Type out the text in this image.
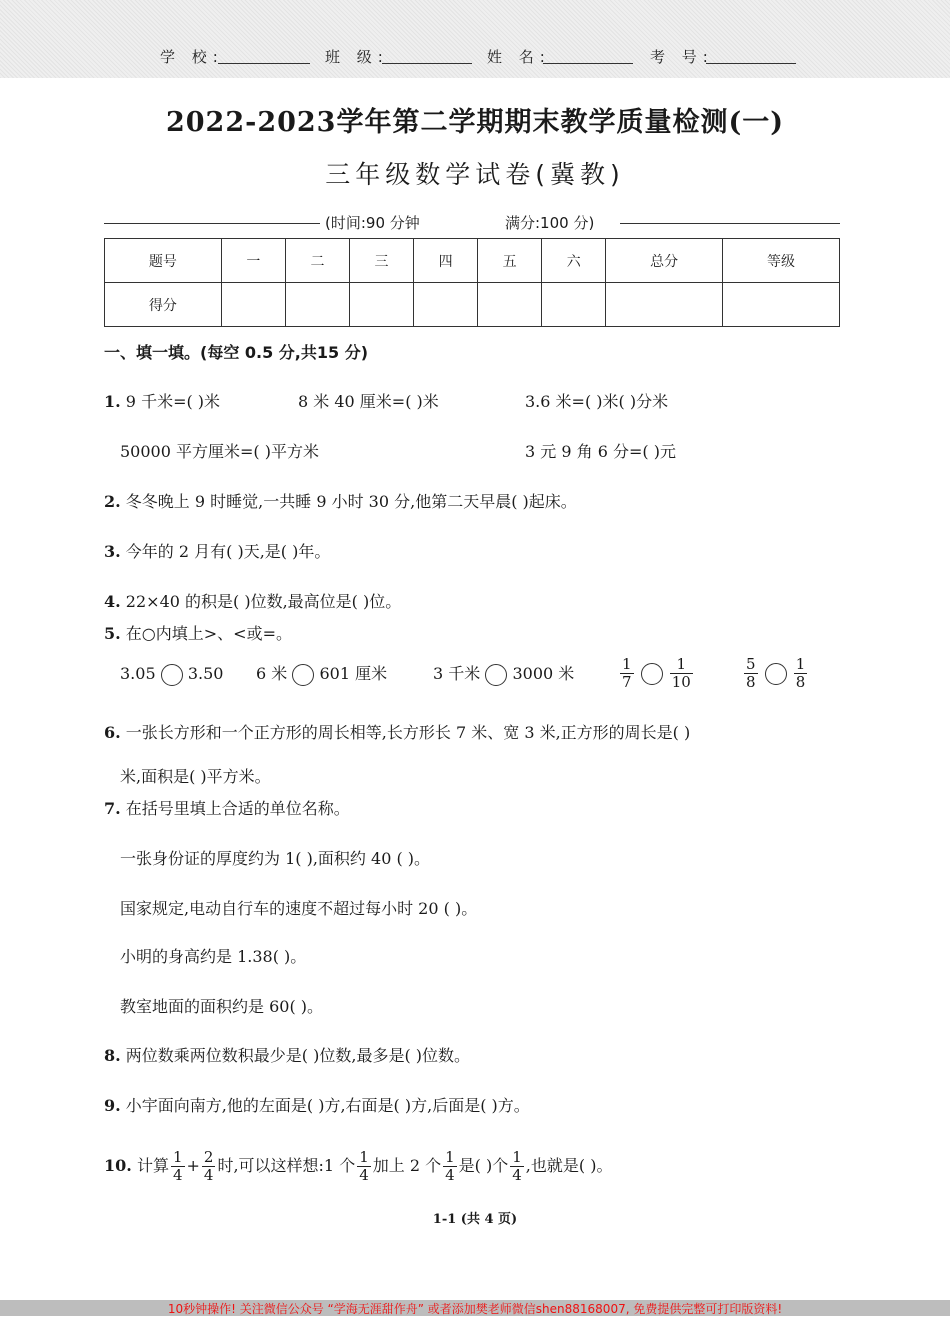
学 校:	班 级:	姓 名:	考 号:
2022-2023学年第二学期期末教学质量检测(一)
三年级数学试卷(冀教)
(时间:90 分钟	满分:100 分)
题号	一	二	三	四	五	六	总分	等级
得分								
一、填一填。(每空 0.5 分,共15 分)
1. 9 千米=( )米	8 米 40 厘米=( )米	3.6 米=( )米( )分米
50000 平方厘米=( )平方米	3 元 9 角 6 分=( )元
2. 冬冬晚上 9 时睡觉,一共睡 9 小时 30 分,他第二天早晨( )起床。
3. 今年的 2 月有( )天,是( )年。
4. 22×40 的积是( )位数,最高位是( )位。
5. 在○内填上>、<或=。
3.05 3.50 6 米 601 厘米	3 千米 3000 米	$\frac{1}{7}$
$\frac{1}{10}$	$\frac{5}{8}$
$\frac{1}{8}$
6. 一张长方形和一个正方形的周长相等,长方形长 7 米、宽 3 米,正方形的周长是( )
米,面积是( )平方米。
7. 在括号里填上合适的单位名称。
一张身份证的厚度约为 1( ),面积约 40 ( )。
国家规定,电动自行车的速度不超过每小时 20 ( )。
小明的身高约是 1.38( )。
教室地面的面积约是 60( )。
8. 两位数乘两位数积最少是( )位数,最多是( )位数。
9. 小宇面向南方,他的左面是( )方,右面是( )方,后面是( )方。
10. 计算 $\frac{1}{4} + \frac{2}{4}$ 时,可以这样想:1 个 $\frac{1}{4}$ 加上 2 个 $\frac{1}{4}$ 是( )个 $\frac{1}{4}$ ,也就是( )。
1-1 (共 4 页)
10秒钟操作! 关注微信公众号 “学海无涯甜作舟” 或者添加樊老师微信shen88168007, 免费提供完整可打印版资料!
